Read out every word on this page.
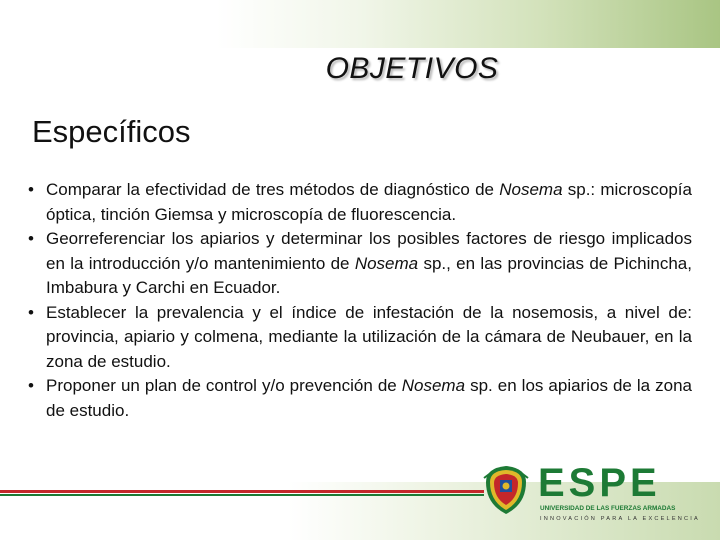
OBJETIVOS
Específicos
• Comparar la efectividad de tres métodos de diagnóstico de Nosema sp.: microscopía óptica, tinción Giemsa y microscopía de fluorescencia.
• Georreferenciar los apiarios y determinar los posibles factores de riesgo implicados en la introducción y/o mantenimiento de Nosema sp., en las provincias de Pichincha, Imbabura y Carchi en Ecuador.
• Establecer la prevalencia y el índice de infestación de la nosemosis, a nivel de: provincia, apiario y colmena, mediante la utilización de la cámara de Neubauer, en la zona de estudio.
• Proponer un plan de control y/o prevención de Nosema sp. en los apiarios de la zona de estudio.
ESPE
UNIVERSIDAD DE LAS FUERZAS ARMADAS
INNOVACIÓN PARA LA EXCELENCIA
